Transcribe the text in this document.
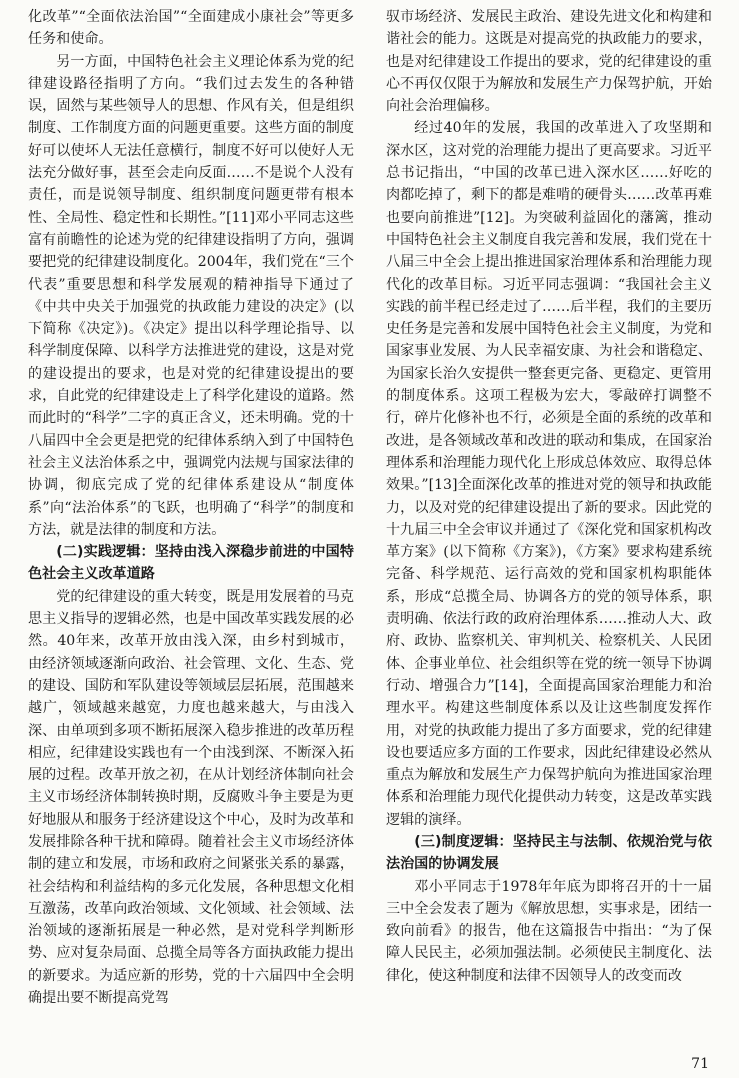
化改革”“全面依法治国”“全面建成小康社会”等更多任务和使命。

另一方面，中国特色社会主义理论体系为党的纪律建设路径指明了方向。“我们过去发生的各种错误，固然与某些领导人的思想、作风有关，但是组织制度、工作制度方面的问题更重要。这些方面的制度好可以使坏人无法任意横行，制度不好可以使好人无法充分做好事，甚至会走向反面……不是说个人没有责任，而是说领导制度、组织制度问题更带有根本性、全局性、稳定性和长期性。”[11]邓小平同志这些富有前瞻性的论述为党的纪律建设指明了方向，强调要把党的纪律建设制度化。2004年，我们党在“三个代表”重要思想和科学发展观的精神指导下通过了《中共中央关于加强党的执政能力建设的决定》(以下简称《决定》)。《决定》提出以科学理论指导、以科学制度保障、以科学方法推进党的建设，这是对党的建设提出的要求，也是对党的纪律建设提出的要求，自此党的纪律建设走上了科学化建设的道路。然而此时的“科学”二字的真正含义，还未明确。党的十八届四中全会更是把党的纪律体系纳入到了中国特色社会主义法治体系之中，强调党内法规与国家法律的协调，彻底完成了党的纪律体系建设从“制度体系”向“法治体系”的飞跃，也明确了“科学”的制度和方法，就是法律的制度和方法。

(二)实践逻辑：坚持由浅入深稳步前进的中国特色社会主义改革道路

党的纪律建设的重大转变，既是用发展着的马克思主义指导的逻辑必然，也是中国改革实践发展的必然。40年来，改革开放由浅入深，由乡村到城市，由经济领域逐渐向政治、社会管理、文化、生态、党的建设、国防和军队建设等领域层层拓展，范围越来越广，领域越来越宽，力度也越来越大，与由浅入深、由单项到多项不断拓展深入稳步推进的改革历程相应，纪律建设实践也有一个由浅到深、不断深入拓展的过程。改革开放之初，在从计划经济体制向社会主义市场经济体制转换时期，反腐败斗争主要是为更好地服从和服务于经济建设这个中心，及时为改革和发展排除各种干扰和障碍。随着社会主义市场经济体制的建立和发展，市场和政府之间紧张关系的暴露，社会结构和利益结构的多元化发展，各种思想文化相互激荡，改革向政治领域、文化领域、社会领域、法治领域的逐渐拓展是一种必然，是对党科学判断形势、应对复杂局面、总揽全局等各方面执政能力提出的新要求。为适应新的形势，党的十六届四中全会明确提出要不断提高党驾

驭市场经济、发展民主政治、建设先进文化和构建和谐社会的能力。这既是对提高党的执政能力的要求，也是对纪律建设工作提出的要求，党的纪律建设的重心不再仅仅限于为解放和发展生产力保驾护航，开始向社会治理偏移。

经过40年的发展，我国的改革进入了攻坚期和深水区，这对党的治理能力提出了更高要求。习近平总书记指出，“中国的改革已进入深水区……好吃的肉都吃掉了，剩下的都是难啃的硬骨头……改革再难也要向前推进”[12]。为突破利益固化的藩篱，推动中国特色社会主义制度自我完善和发展，我们党在十八届三中全会上提出推进国家治理体系和治理能力现代化的改革目标。习近平同志强调：“我国社会主义实践的前半程已经走过了……后半程，我们的主要历史任务是完善和发展中国特色社会主义制度，为党和国家事业发展、为人民幸福安康、为社会和谐稳定、为国家长治久安提供一整套更完备、更稳定、更管用的制度体系。这项工程极为宏大，零敲碎打调整不行，碎片化修补也不行，必须是全面的系统的改革和改进，是各领域改革和改进的联动和集成，在国家治理体系和治理能力现代化上形成总体效应、取得总体效果。”[13]全面深化改革的推进对党的领导和执政能力，以及对党的纪律建设提出了新的要求。因此党的十九届三中全会审议并通过了《深化党和国家机构改革方案》(以下简称《方案》)，《方案》要求构建系统完备、科学规范、运行高效的党和国家机构职能体系，形成“总揽全局、协调各方的党的领导体系，职责明确、依法行政的政府治理体系……推动人大、政府、政协、监察机关、审判机关、检察机关、人民团体、企事业单位、社会组织等在党的统一领导下协调行动、增强合力”[14]，全面提高国家治理能力和治理水平。构建这些制度体系以及让这些制度发挥作用，对党的执政能力提出了多方面要求，党的纪律建设也要适应多方面的工作要求，因此纪律建设必然从重点为解放和发展生产力保驾护航向为推进国家治理体系和治理能力现代化提供动力转变，这是改革实践逻辑的演绎。

(三)制度逻辑：坚持民主与法制、依规治党与依法治国的协调发展

邓小平同志于1978年年底为即将召开的十一届三中全会发表了题为《解放思想，实事求是，团结一致向前看》的报告，他在这篇报告中指出：“为了保障人民民主，必须加强法制。必须使民主制度化、法律化，使这种制度和法律不因领导人的改变而改

71
